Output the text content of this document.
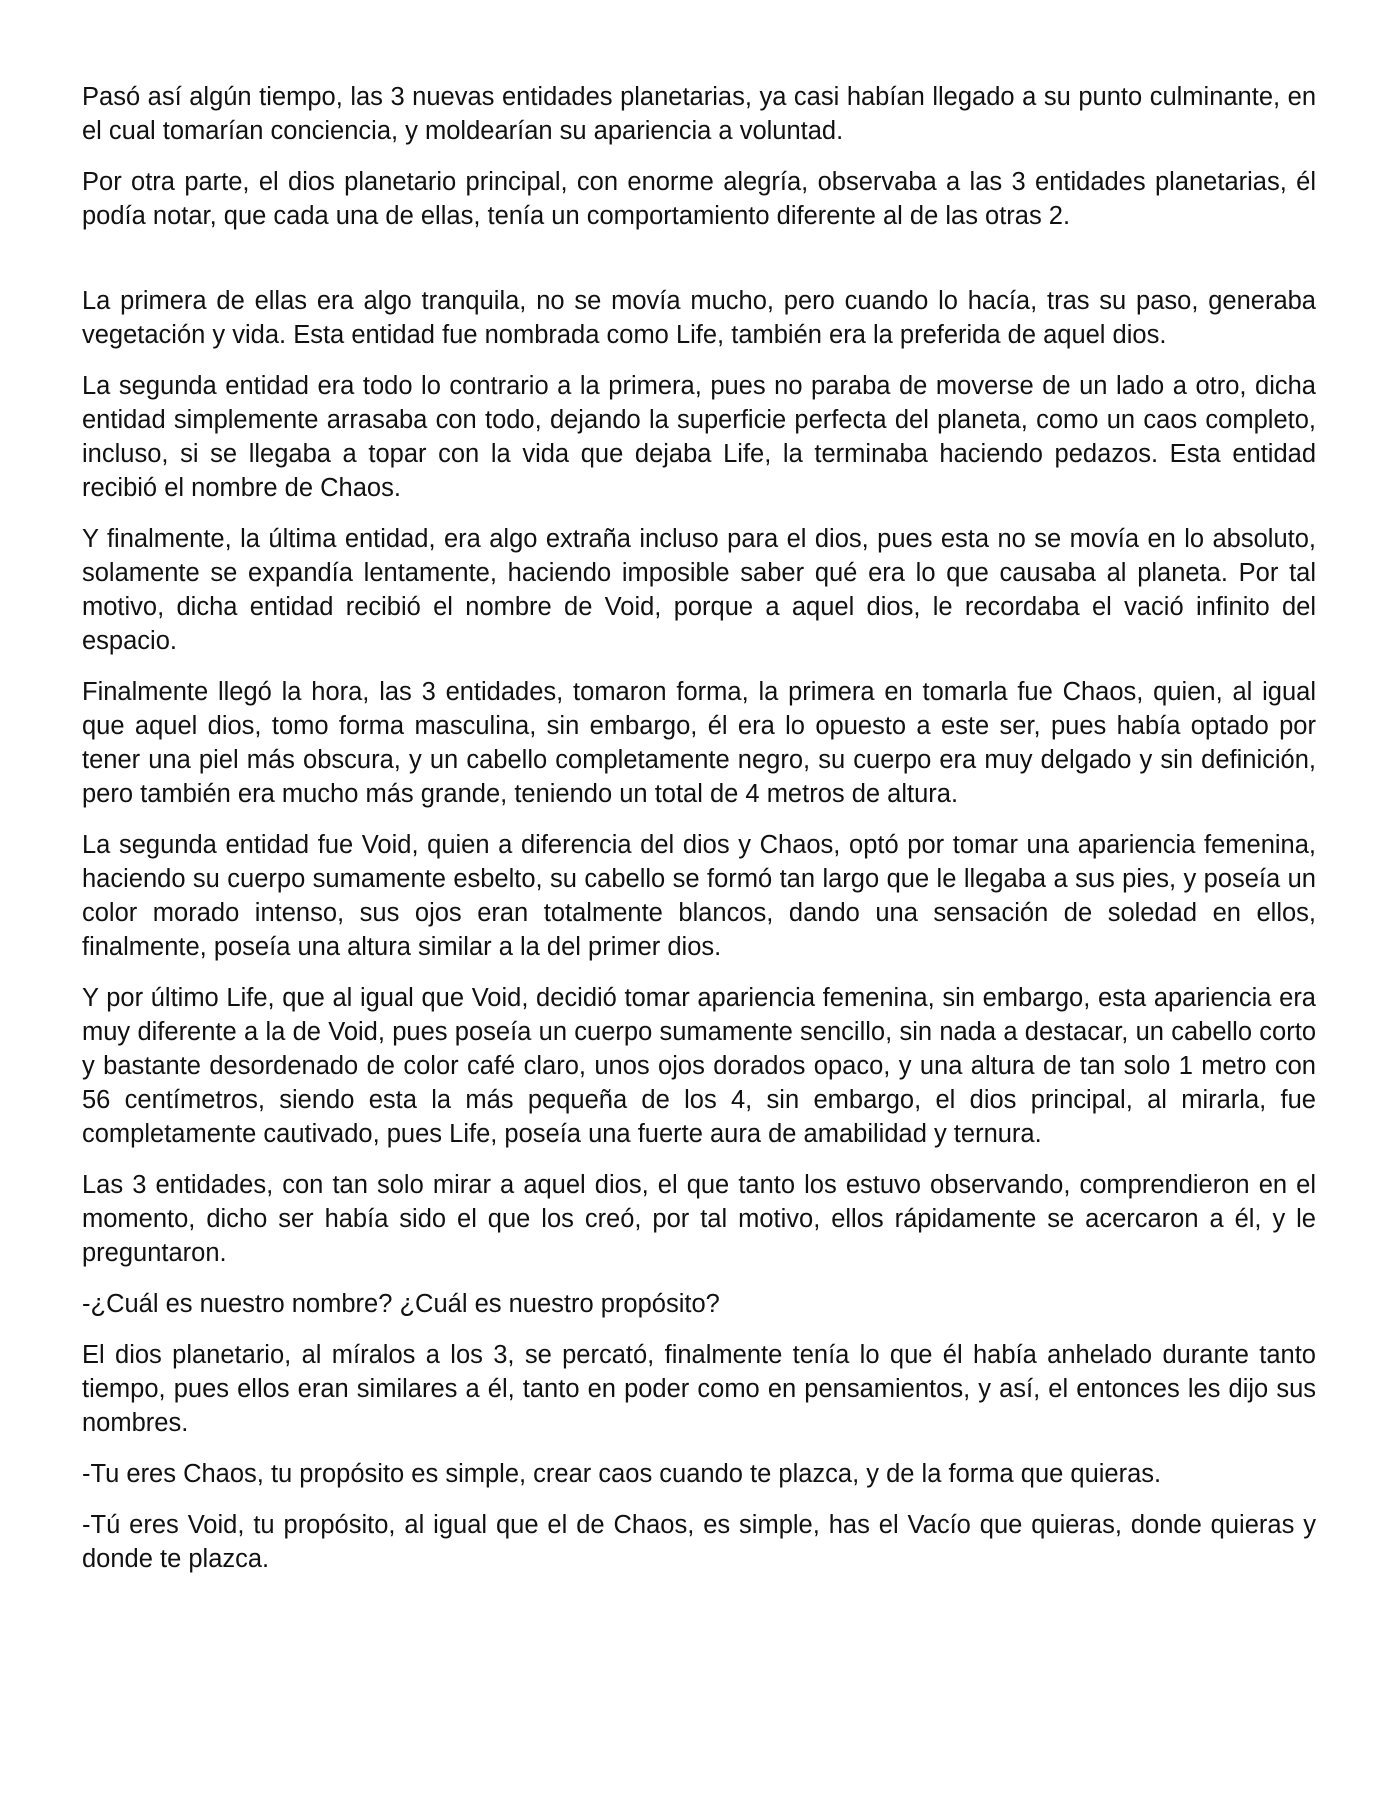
Pasó así algún tiempo, las 3 nuevas entidades planetarias, ya casi habían llegado a su punto culminante, en el cual tomarían conciencia, y moldearían su apariencia a voluntad.

Por otra parte, el dios planetario principal, con enorme alegría, observaba a las 3 entidades planetarias, él podía notar, que cada una de ellas, tenía un comportamiento diferente al de las otras 2.

La primera de ellas era algo tranquila, no se movía mucho, pero cuando lo hacía, tras su paso, generaba vegetación y vida. Esta entidad fue nombrada como Life, también era la preferida de aquel dios.

La segunda entidad era todo lo contrario a la primera, pues no paraba de moverse de un lado a otro, dicha entidad simplemente arrasaba con todo, dejando la superficie perfecta del planeta, como un caos completo, incluso, si se llegaba a topar con la vida que dejaba Life, la terminaba haciendo pedazos. Esta entidad recibió el nombre de Chaos.

Y finalmente, la última entidad, era algo extraña incluso para el dios, pues esta no se movía en lo absoluto, solamente se expandía lentamente, haciendo imposible saber qué era lo que causaba al planeta. Por tal motivo, dicha entidad recibió el nombre de Void, porque a aquel dios, le recordaba el vació infinito del espacio.

Finalmente llegó la hora, las 3 entidades, tomaron forma, la primera en tomarla fue Chaos, quien, al igual que aquel dios, tomo forma masculina, sin embargo, él era lo opuesto a este ser, pues había optado por tener una piel más obscura, y un cabello completamente negro, su cuerpo era muy delgado y sin definición, pero también era mucho más grande, teniendo un total de 4 metros de altura.

La segunda entidad fue Void, quien a diferencia del dios y Chaos, optó por tomar una apariencia femenina, haciendo su cuerpo sumamente esbelto, su cabello se formó tan largo que le llegaba a sus pies, y poseía un color morado intenso, sus ojos eran totalmente blancos, dando una sensación de soledad en ellos, finalmente, poseía una altura similar a la del primer dios.

Y por último Life, que al igual que Void, decidió tomar apariencia femenina, sin embargo, esta apariencia era muy diferente a la de Void, pues poseía un cuerpo sumamente sencillo, sin nada a destacar, un cabello corto y bastante desordenado de color café claro, unos ojos dorados opaco, y una altura de tan solo 1 metro con 56 centímetros, siendo esta la más pequeña de los 4, sin embargo, el dios principal, al mirarla, fue completamente cautivado, pues Life, poseía una fuerte aura de amabilidad y ternura.

Las 3 entidades, con tan solo mirar a aquel dios, el que tanto los estuvo observando, comprendieron en el momento, dicho ser había sido el que los creó, por tal motivo, ellos rápidamente se acercaron a él, y le preguntaron.

-¿Cuál es nuestro nombre? ¿Cuál es nuestro propósito?

El dios planetario, al míralos a los 3, se percató, finalmente tenía lo que él había anhelado durante tanto tiempo, pues ellos eran similares a él, tanto en poder como en pensamientos, y así, el entonces les dijo sus nombres.

-Tu eres Chaos, tu propósito es simple, crear caos cuando te plazca, y de la forma que quieras.

-Tú eres Void, tu propósito, al igual que el de Chaos, es simple, has el Vacío que quieras, donde quieras y donde te plazca.
